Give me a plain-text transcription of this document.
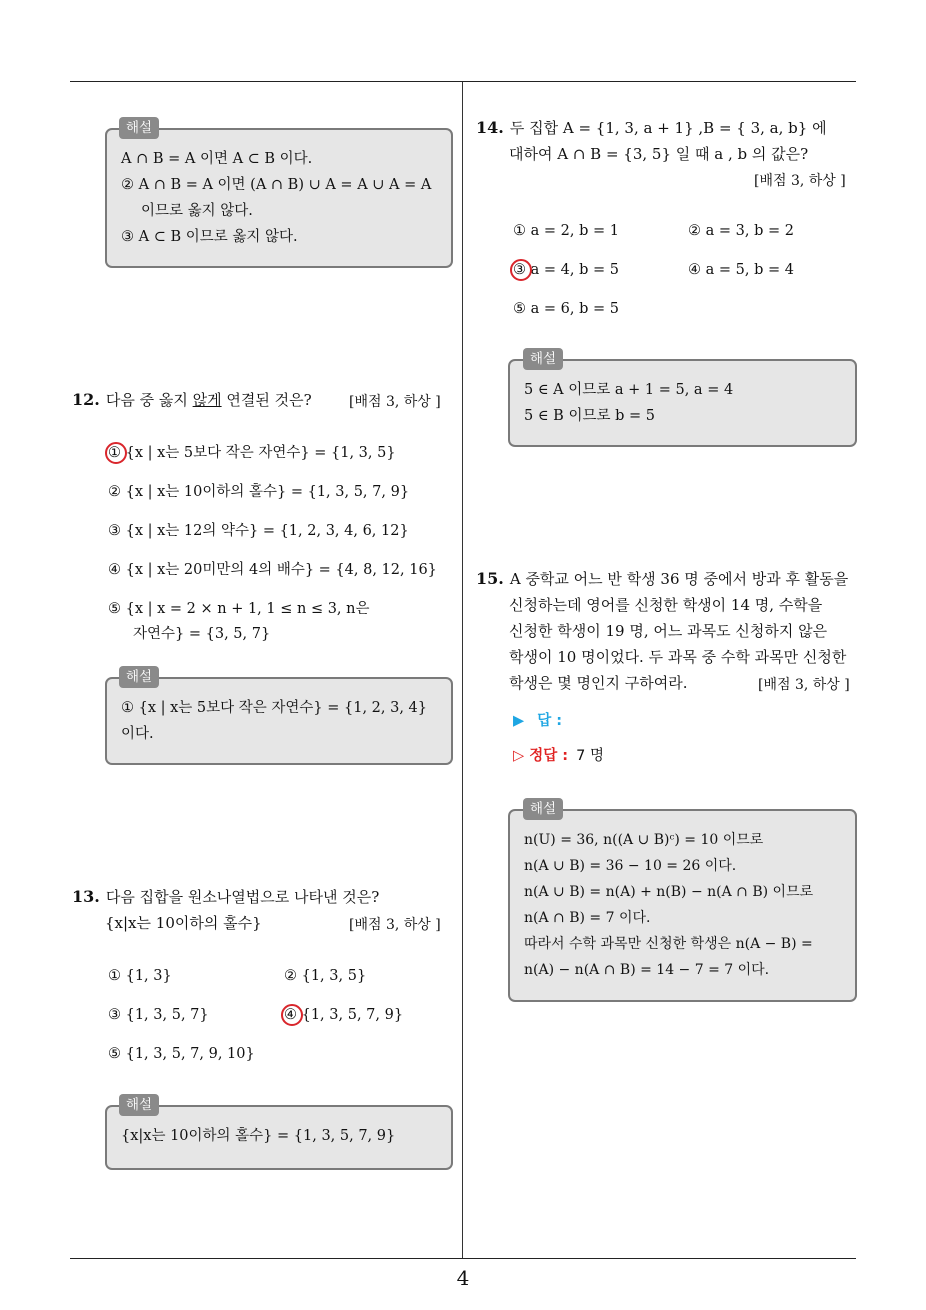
A ∩ B = A 이면 A ⊂ B 이다.
② A ∩ B = A 이면 (A ∩ B) ∪ A = A ∪ A = A
이므로 옳지 않다.
③ A ⊂ B 이므로 옳지 않다.
해설
12. 다음 중 옳지 않게 연결된 것은?	[배점 3, 하상 ]
① {x | x는 5보다 작은 자연수} = {1, 3, 5}
② {x | x는 10이하의 홀수} = {1, 3, 5, 7, 9}
③ {x | x는 12의 약수} = {1, 2, 3, 4, 6, 12}
④ {x | x는 20미만의 4의 배수} = {4, 8, 12, 16}
⑤ {x | x = 2 × n + 1, 1 ≤ n ≤ 3, n은
자연수} = {3, 5, 7}
① {x | x는 5보다 작은 자연수} = {1, 2, 3, 4}
이다.
해설
13. 다음 집합을 원소나열법으로 나타낸 것은?
{x|x는 10이하의 홀수}	[배점 3, 하상 ]
① {1, 3}	② {1, 3, 5}
③ {1, 3, 5, 7}	④ {1, 3, 5, 7, 9}
⑤ {1, 3, 5, 7, 9, 10}
{x|x는 10이하의 홀수} = {1, 3, 5, 7, 9}
해설
14. 두 집합 A = {1, 3, a + 1} ,B = { 3, a, b} 에
대하여 A ∩ B = {3, 5} 일 때 a , b 의 값은?
[배점 3, 하상 ]
① a = 2, b = 1	② a = 3, b = 2
③ a = 4, b = 5	④ a = 5, b = 4
⑤ a = 6, b = 5
5 ∈ A 이므로 a + 1 = 5, a = 4
5 ∈ B 이므로 b = 5
해설
15. A 중학교 어느 반 학생 36 명 중에서 방과 후 활동을
신청하는데 영어를 신청한 학생이 14 명, 수학을
신청한 학생이 19 명, 어느 과목도 신청하지 않은
학생이 10 명이었다. 두 과목 중 수학 과목만 신청한
학생은 몇 명인지 구하여라.	[배점 3, 하상 ]
▶ 답 :
▷ 정답 : 7 명
n(U) = 36, n((A ∪ B)ᶜ) = 10 이므로
n(A ∪ B) = 36 − 10 = 26 이다.
n(A ∪ B) = n(A) + n(B) − n(A ∩ B) 이므로
n(A ∩ B) = 7 이다.
따라서 수학 과목만 신청한 학생은 n(A − B) =
n(A) − n(A ∩ B) = 14 − 7 = 7 이다.
해설
4
